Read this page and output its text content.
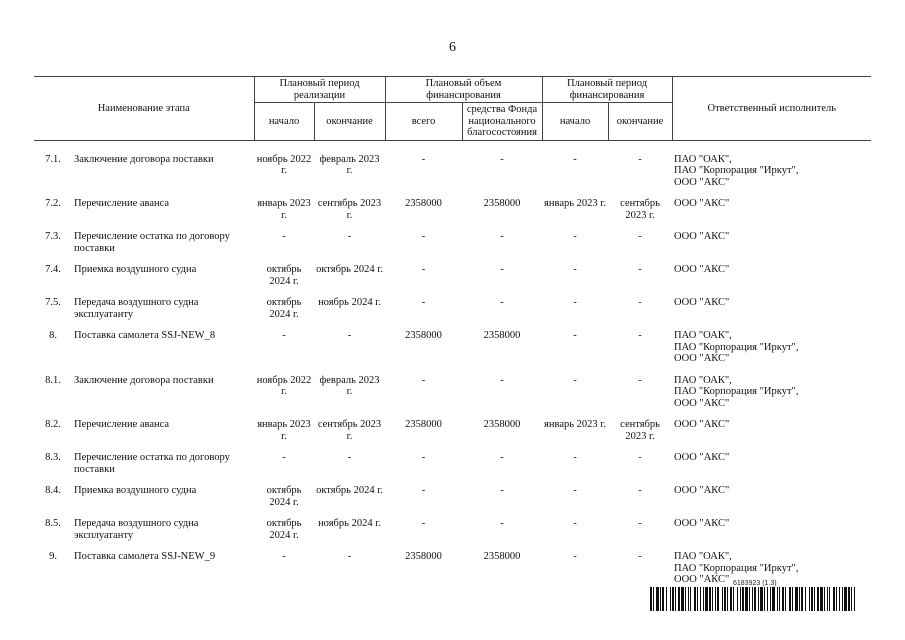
6
Наименование этапа		Плановый период реализации		Плановый объем финансирования		Плановый период финансирования		Ответственный исполнитель
		начало	окончание	всего	средства Фонда национального благосостояния	начало	окончание	
7.1.	Заключение договора поставки	ноябрь 2022 г.	февраль 2023 г.	-	-	-	-	ПАО "ОАК",
ПАО "Корпорация "Иркут",
ООО "АКС"

7.2.	Перечисление аванса	январь 2023 г.	сентябрь 2023 г.	2358000	2358000	январь 2023 г.	сентябрь 2023 г.	ООО "АКС"

7.3.	Перечисление остатка по договору поставки	-	-	-	-	-	-	ООО "АКС"

7.4.	Приемка воздушного судна	октябрь 2024 г.	октябрь 2024 г.	-	-	-	-	ООО "АКС"

7.5.	Передача воздушного судна эксплуатанту	октябрь 2024 г.	ноябрь 2024 г.	-	-	-	-	ООО "АКС"

8.	Поставка самолета SSJ-NEW_8	-	-	2358000	2358000	-	-	ПАО "ОАК",
ПАО "Корпорация "Иркут",
ООО "АКС"

8.1.	Заключение договора поставки	ноябрь 2022 г.	февраль 2023 г.	-	-	-	-	ПАО "ОАК",
ПАО "Корпорация "Иркут",
ООО "АКС"

8.2.	Перечисление аванса	январь 2023 г.	сентябрь 2023 г.	2358000	2358000	январь 2023 г.	сентябрь 2023 г.	ООО "АКС"

8.3.	Перечисление остатка по договору поставки	-	-	-	-	-	-	ООО "АКС"

8.4.	Приемка воздушного судна	октябрь 2024 г.	октябрь 2024 г.	-	-	-	-	ООО "АКС"

8.5.	Передача воздушного судна эксплуатанту	октябрь 2024 г.	ноябрь 2024 г.	-	-	-	-	ООО "АКС"

9.	Поставка самолета SSJ-NEW_9	-	-	2358000	2358000	-	-	ПАО "ОАК",
ПАО "Корпорация "Иркут",
ООО "АКС" 6183923 (1.3)
